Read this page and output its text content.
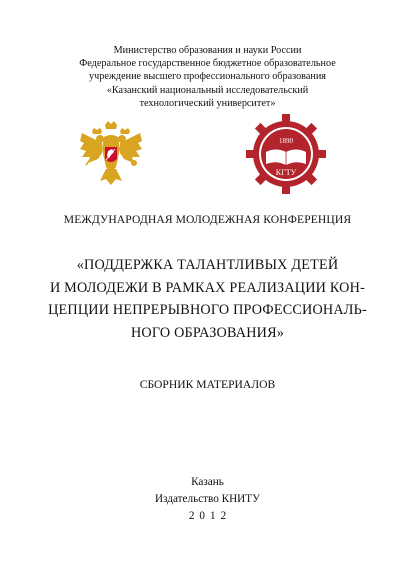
Министерство образования и науки России
Федеральное государственное бюджетное образовательное
учреждение высшего профессионального образования
«Казанский национальный исследовательский
технологический университет»
1890
КГТУ
МЕЖДУНАРОДНАЯ МОЛОДЕЖНАЯ КОНФЕРЕНЦИЯ
«ПОДДЕРЖКА ТАЛАНТЛИВЫХ ДЕТЕЙ
И МОЛОДЕЖИ В РАМКАХ РЕАЛИЗАЦИИ КОН-
ЦЕПЦИИ НЕПРЕРЫВНОГО ПРОФЕССИОНАЛЬ-
НОГО ОБРАЗОВАНИЯ»
СБОРНИК МАТЕРИАЛОВ
Казань
Издательство КНИТУ
2012
